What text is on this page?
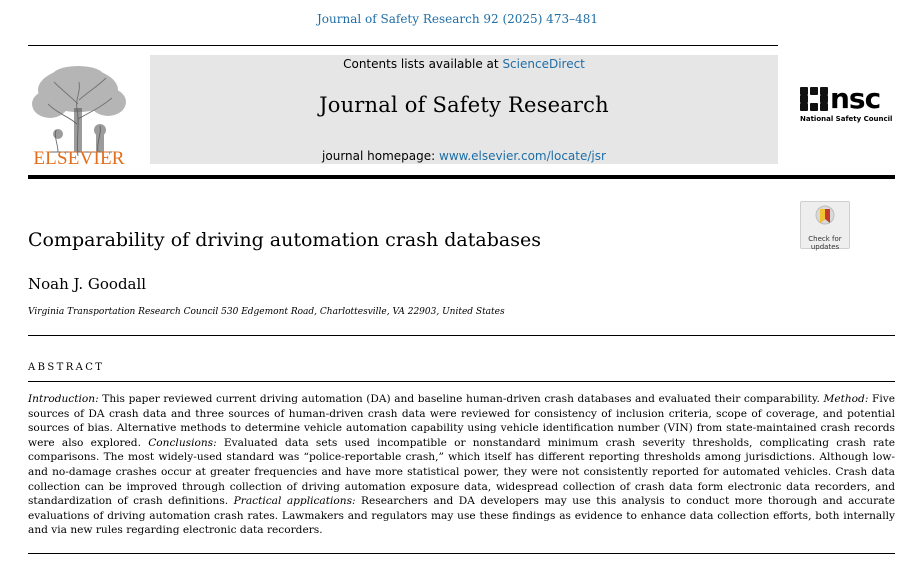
Journal of Safety Research 92 (2025) 473–481
ELSEVIER
Contents lists available at ScienceDirect
Journal of Safety Research
journal homepage: www.elsevier.com/locate/jsr
nsc
National Safety Council
Check for
updates
Comparability of driving automation crash databases
Noah J. Goodall
Virginia Transportation Research Council 530 Edgemont Road, Charlottesville, VA 22903, United States
ABSTRACT
Introduction: This paper reviewed current driving automation (DA) and baseline human-driven crash databases and evaluated their comparability. Method: Five sources of DA crash data and three sources of human-driven crash data were reviewed for consistency of inclusion criteria, scope of coverage, and potential sources of bias. Alternative methods to determine vehicle automation capability using vehicle identification number (VIN) from state-maintained crash records were also explored. Conclusions: Evaluated data sets used incompatible or nonstandard minimum crash severity thresholds, complicating crash rate comparisons. The most widely-used standard was “police-reportable crash,” which itself has different reporting thresholds among jurisdictions. Although low- and no-damage crashes occur at greater frequencies and have more statistical power, they were not consistently reported for automated vehicles. Crash data collection can be improved through collection of driving automation exposure data, widespread collection of crash data form electronic data recorders, and standardization of crash definitions. Practical applications: Researchers and DA developers may use this analysis to conduct more thorough and accurate evaluations of driving automation crash rates. Lawmakers and regulators may use these findings as evidence to enhance data collection efforts, both internally and via new rules regarding electronic data recorders.
